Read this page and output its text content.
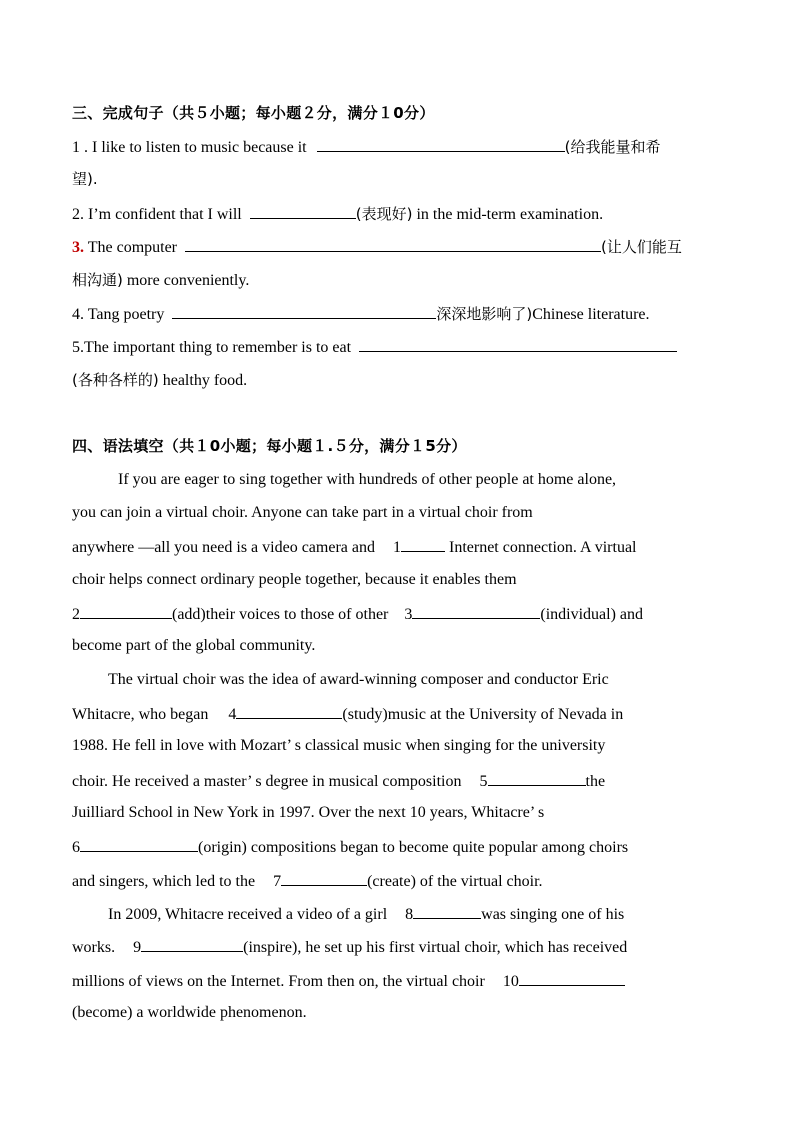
三、完成句子（共５小题；每小题２分，满分１0分）
1 . I like to listen to music because it	(给我能量和希
望).
2. I’m confident that I will	(表现好) in the mid-term examination.
3. The computer	(让人们能互
相沟通) more conveniently.
4. Tang poetry	深深地影响了)Chinese literature.
5.The important thing to remember is to eat
(各种各样的) healthy food.
四、语法填空（共１0小题；每小题１.５分，满分１5分）
If you are eager to sing together with hundreds of other people at home alone,
you can join a virtual choir. Anyone can take part in a virtual choir from
anywhere —all you need is a video camera and 1	Internet connection. A virtual
choir helps connect ordinary people together, because it enables them
2	(add)their voices to those of other 3	(individual) and
become part of the global community.
The virtual choir was the idea of award-winning composer and conductor Eric
Whitacre, who began 4	(study)music at the University of Nevada in
1988. He fell in love with Mozart’ s classical music when singing for the university
choir. He received a master’ s degree in musical composition 5	the
Juilliard School in New York in 1997. Over the next 10 years, Whitacre’ s
6	(origin) compositions began to become quite popular among choirs
and singers, which led to the 7	(create) of the virtual choir.
In 2009, Whitacre received a video of a girl 8	was singing one of his
works. 9	(inspire), he set up his first virtual choir, which has received
millions of views on the Internet. From then on, the virtual choir 10
(become) a worldwide phenomenon.
